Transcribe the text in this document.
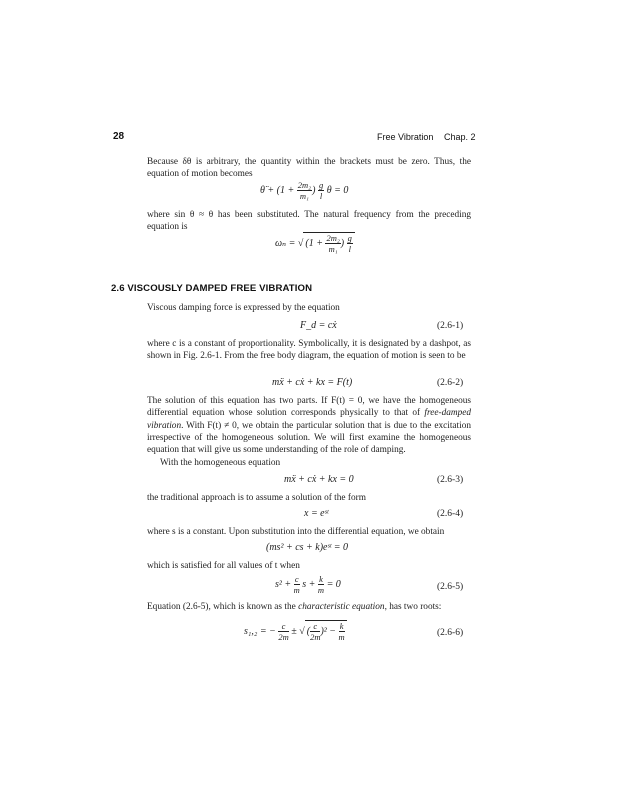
28	Free Vibration Chap. 2
Because δθ is arbitrary, the quantity within the brackets must be zero. Thus, the equation of motion becomes
θ̈ + ($1 + \frac{\text{2m₂}}{\text{m₁}}$ ) $\frac{g}{l}$ θ = 0
where sin θ ≈ θ has been substituted. The natural frequency from the preceding equation is
ωₙ = √ ($1 + \frac{\text{2m₂}}{\text{m₁}}$ ) $\frac{g}{l}$
2.6 VISCOUSLY DAMPED FREE VIBRATION
Viscous damping force is expressed by the equation
F_d = cẋ	(2.6-1)
where c is a constant of proportionality. Symbolically, it is designated by a dashpot, as shown in Fig. 2.6-1. From the free body diagram, the equation of motion is seen to be
mẍ + cẋ + kx = F(t)	(2.6-2)
The solution of this equation has two parts. If F(t) = 0, we have the homogeneous differential equation whose solution corresponds physically to that of free-damped vibration. With F(t) ≠ 0, we obtain the particular solution that is due to the excitation irrespective of the homogeneous solution. We will first examine the homogeneous equation that will give us some understanding of the role of damping.
With the homogeneous equation
mẍ + cẋ + kx = 0	(2.6-3)
the traditional approach is to assume a solution of the form
x = eˢᵗ	(2.6-4)
where s is a constant. Upon substitution into the differential equation, we obtain
(ms² + cs + k)eˢᵗ = 0
which is satisfied for all values of t when
$s^2 + \frac{c}{m}$ $s + \frac{k}{m} = 0$	(2.6-5)
Equation (2.6-5), which is known as the characteristic equation, has two roots:
s₁,₂ = − $\frac{c}{2m}$ ± √ ( $\frac{c}{2m} )^2 - \frac{k}{m}$	(2.6-6)
